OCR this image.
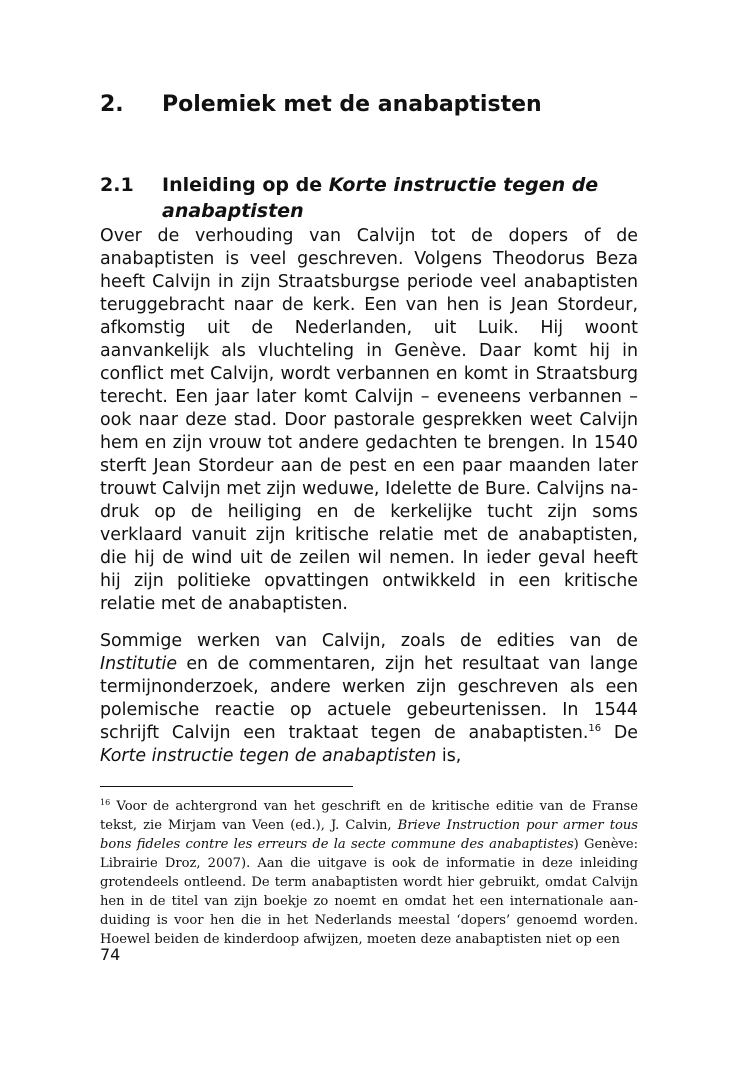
2.	Polemiek met de anabaptisten
2.1	Inleiding op de Korte instructie tegen de anabaptisten

Over de verhouding van Calvijn tot de dopers of de anabaptisten is veel geschreven. Volgens Theodorus Beza heeft Calvijn in zijn Straatsburgse periode veel anabaptisten teruggebracht naar de kerk. Een van hen is Jean Stordeur, afkomstig uit de Nederlanden, uit Luik. Hij woont aanvankelijk als vluchteling in Genève. Daar komt hij in conflict met Calvijn, wordt verbannen en komt in Straatsburg terecht. Een jaar later komt Calvijn – eveneens verbannen – ook naar deze stad. Door pastorale gesprekken weet Calvijn hem en zijn vrouw tot andere gedachten te brengen. In 1540 sterft Jean Stordeur aan de pest en een paar maanden later trouwt Calvijn met zijn weduwe, Idelette de Bure. Calvijns nadruk op de heiliging en de kerkelijke tucht zijn soms verklaard vanuit zijn kritische relatie met de anabaptisten, die hij de wind uit de zeilen wil nemen. In ieder geval heeft hij zijn politieke opvattingen ontwikkeld in een kritische relatie met de anabaptisten.

Sommige werken van Calvijn, zoals de edities van de Institutie en de commentaren, zijn het resultaat van lange termijnonderzoek, andere werken zijn geschreven als een polemische reactie op actuele gebeurtenissen. In 1544 schrijft Calvijn een traktaat tegen de anabaptisten.$^{16}$ De Korte instructie tegen de anabaptisten is,

$^{16}$ Voor de achtergrond van het geschrift en de kritische editie van de Franse tekst, zie Mirjam van Veen (ed.), J. Calvin, Brieve Instruction pour armer tous bons fideles contre les erreurs de la secte commune des anabaptistes) Genève: Librairie Droz, 2007). Aan die uitgave is ook de informatie in deze inleiding grotendeels ontleend. De term anabaptisten wordt hier gebruikt, omdat Calvijn hen in de titel van zijn boekje zo noemt en omdat het een internationale aanduiding is voor hen die in het Nederlands meestal ‘dopers’ genoemd worden. Hoewel beiden de kinderdoop afwijzen, moeten deze anabaptisten niet op een

74
